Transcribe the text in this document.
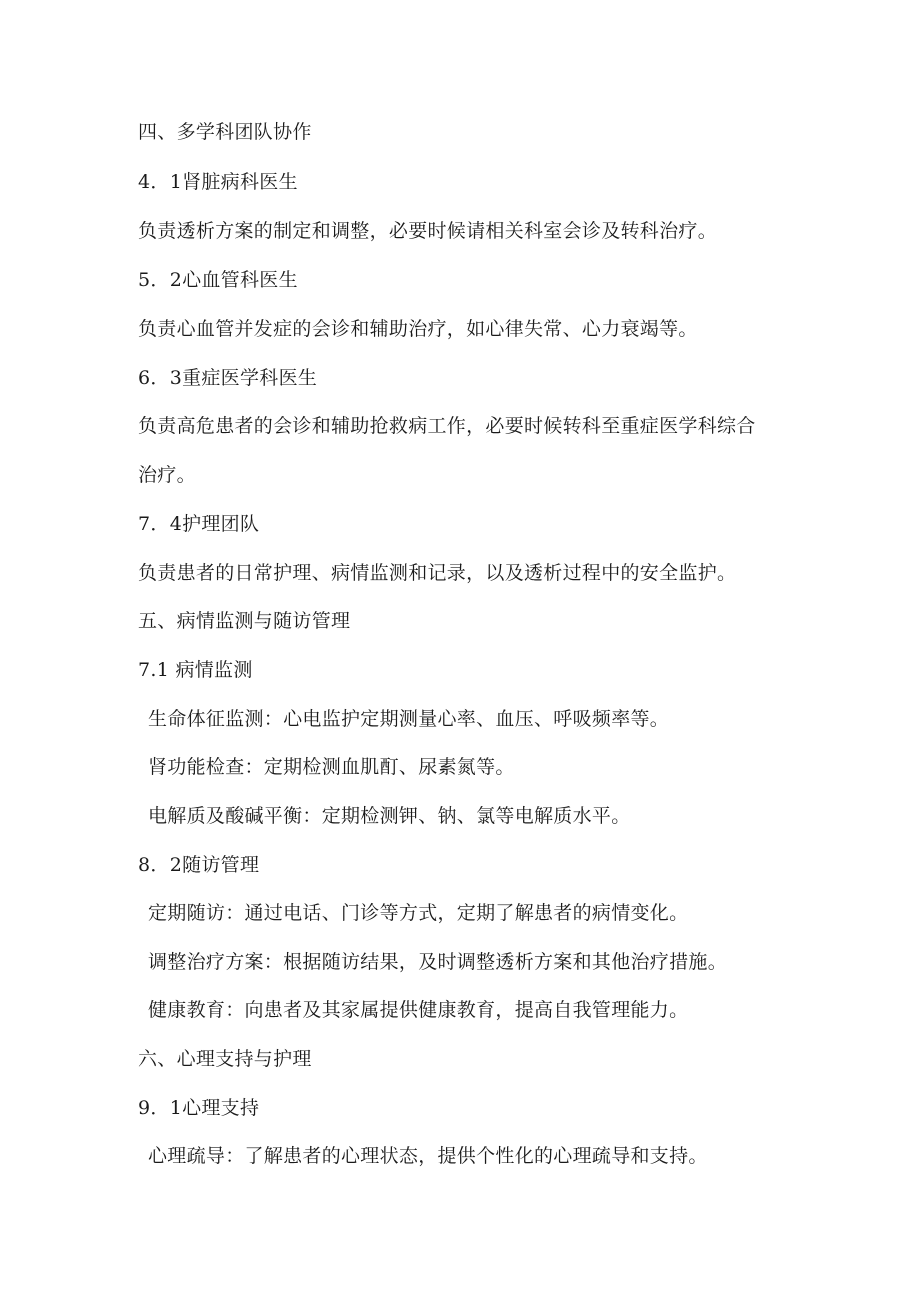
四、多学科团队协作
4．1肾脏病科医生
负责透析方案的制定和调整，必要时候请相关科室会诊及转科治疗。
5．2心血管科医生
负责心血管并发症的会诊和辅助治疗，如心律失常、心力衰竭等。
6．3重症医学科医生
负责高危患者的会诊和辅助抢救病工作，必要时候转科至重症医学科综合
治疗。
7．4护理团队
负责患者的日常护理、病情监测和记录，以及透析过程中的安全监护。
五、病情监测与随访管理
7.1 病情监测
生命体征监测：心电监护定期测量心率、血压、呼吸频率等。
肾功能检查：定期检测血肌酊、尿素氮等。
电解质及酸碱平衡：定期检测钾、钠、氯等电解质水平。
8．2随访管理
定期随访：通过电话、门诊等方式，定期了解患者的病情变化。
调整治疗方案：根据随访结果，及时调整透析方案和其他治疗措施。
健康教育：向患者及其家属提供健康教育，提高自我管理能力。
六、心理支持与护理
9．1心理支持
心理疏导：了解患者的心理状态，提供个性化的心理疏导和支持。
